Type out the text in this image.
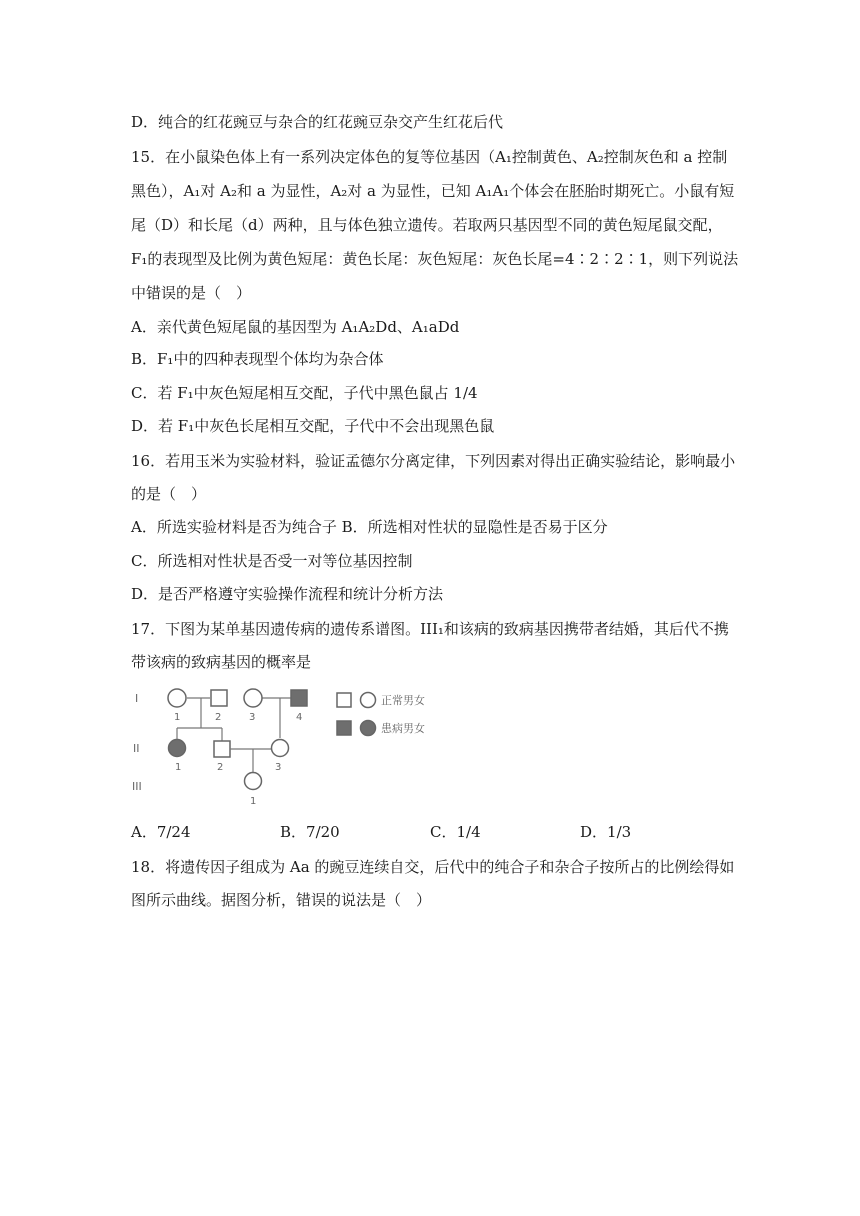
D．纯合的红花豌豆与杂合的红花豌豆杂交产生红花后代
15．在小鼠染色体上有一系列决定体色的复等位基因（A₁控制黄色、A₂控制灰色和 a 控制
黑色），A₁对 A₂和 a 为显性，A₂对 a 为显性，已知 A₁A₁个体会在胚胎时期死亡。小鼠有短
尾（D）和长尾（d）两种，且与体色独立遗传。若取两只基因型不同的黄色短尾鼠交配，
F₁的表现型及比例为黄色短尾：黄色长尾：灰色短尾：灰色长尾=4∶2∶2∶1，则下列说法
中错误的是（　）
A．亲代黄色短尾鼠的基因型为 A₁A₂Dd、A₁aDd
B．F₁中的四种表现型个体均为杂合体
C．若 F₁中灰色短尾相互交配，子代中黑色鼠占 1/4
D．若 F₁中灰色长尾相互交配，子代中不会出现黑色鼠
16．若用玉米为实验材料，验证孟德尔分离定律，下列因素对得出正确实验结论，影响最小
的是（　）
A．所选实验材料是否为纯合子 B．所选相对性状的显隐性是否易于区分
C．所选相对性状是否受一对等位基因控制
D．是否严格遵守实验操作流程和统计分析方法
17．下图为某单基因遗传病的遗传系谱图。III₁和该病的致病基因携带者结婚，其后代不携
带该病的致病基因的概率是
I
II
III
1	2	3	4
1	2	3
1
正常男女
患病男女
A．7/24	B．7/20	C．1/4	D．1/3
18．将遗传因子组成为 Aa 的豌豆连续自交，后代中的纯合子和杂合子按所占的比例绘得如
图所示曲线。据图分析，错误的说法是（　）
